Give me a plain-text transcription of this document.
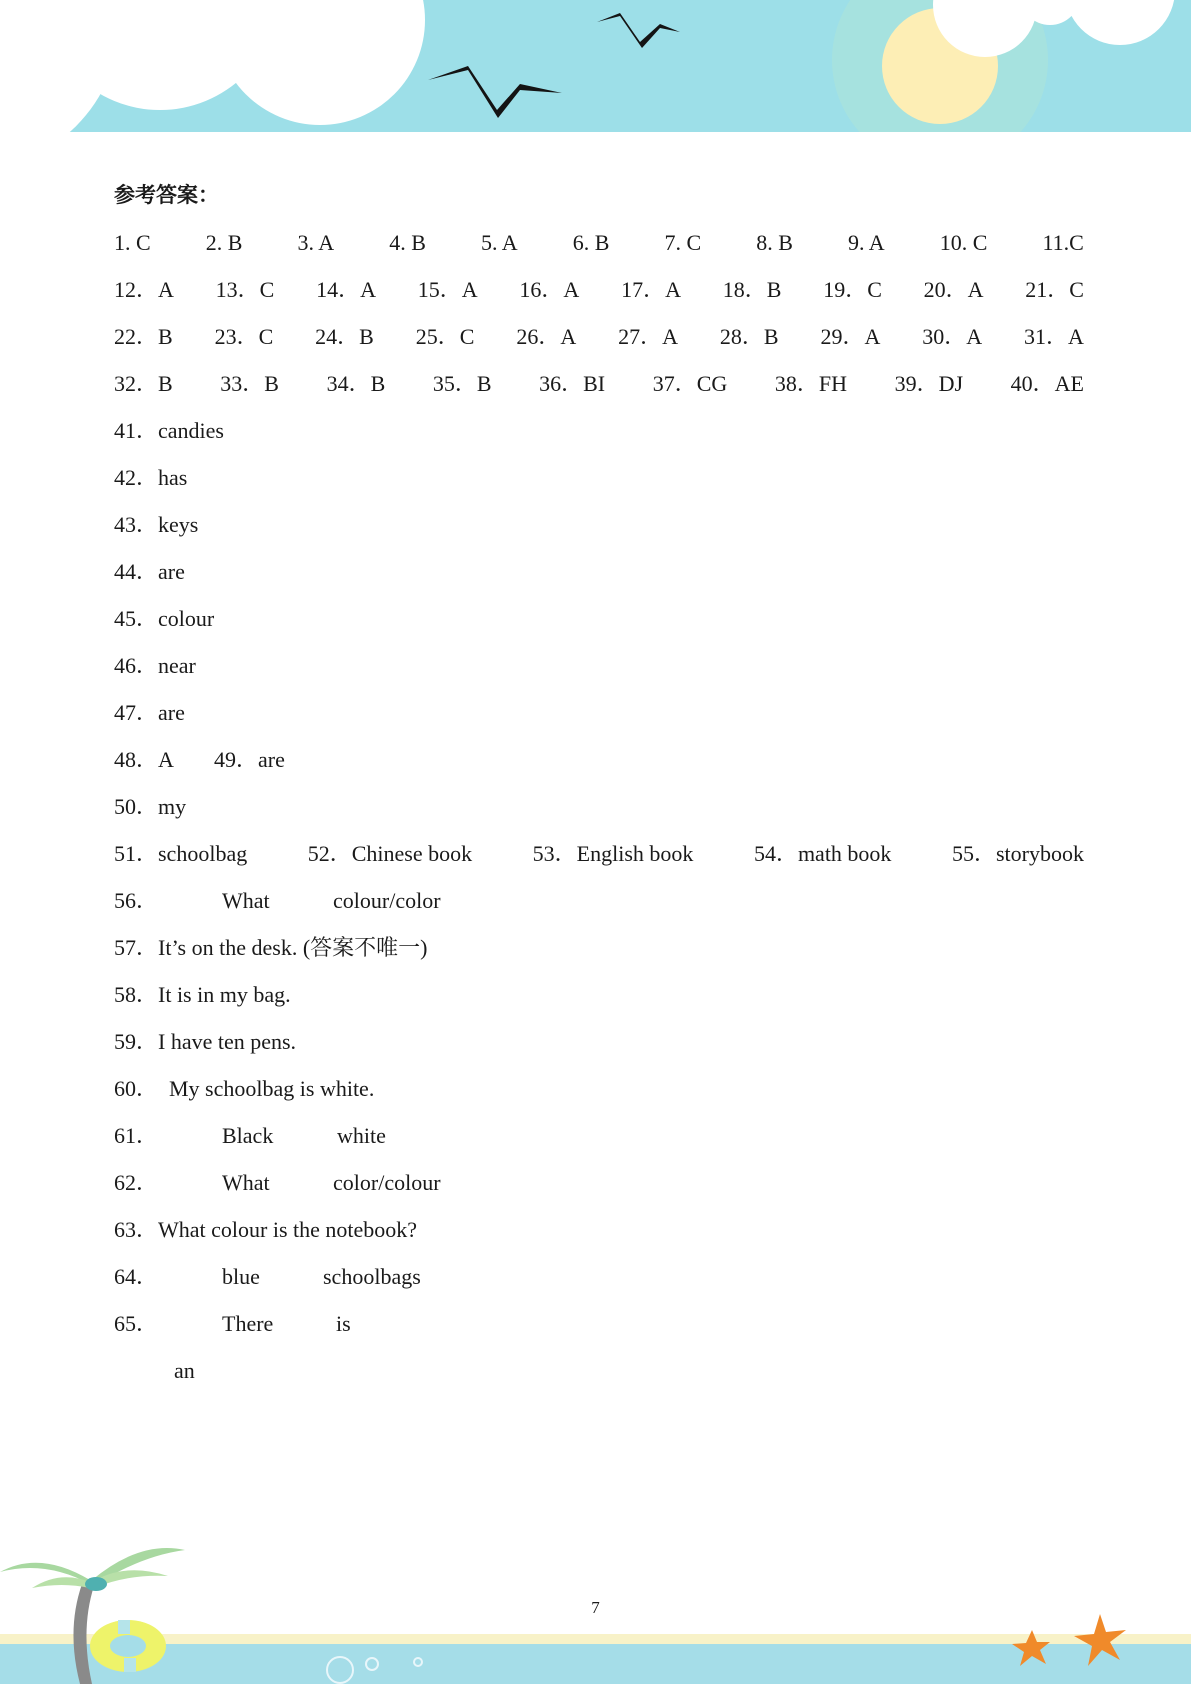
参考答案：
1. C	2. B	3. A	4. B	5. A	6. B	7. C	8. B	9. A	10. C	11.C
12．A 13．C 14．A 15．A 16．A 17．A 18．B 19．C 20．A 21．C
22．B 23．C 24．B 25．C 26．A 27．A 28．B 29．A 30．A 31．A
32．B 33．B 34．B 35．B 36．BI 37．CG 38．FH 39．DJ 40．AE
41．candies
42．has
43．keys
44．are
45．colour
46．near
47．are
48．A	49．are
50．my
51．schoolbag	52．Chinese book	53．English book	54．math book	55．storybook
56．	What	colour/color
57．It’s on the desk. (答案不唯一)
58．It is in my bag.
59．I have ten pens.
60．  My schoolbag is white.
61．	Black	white
62．	What	color/colour
63．What colour is the notebook?
64．	blue	schoolbags
65．	There	is
an
7
